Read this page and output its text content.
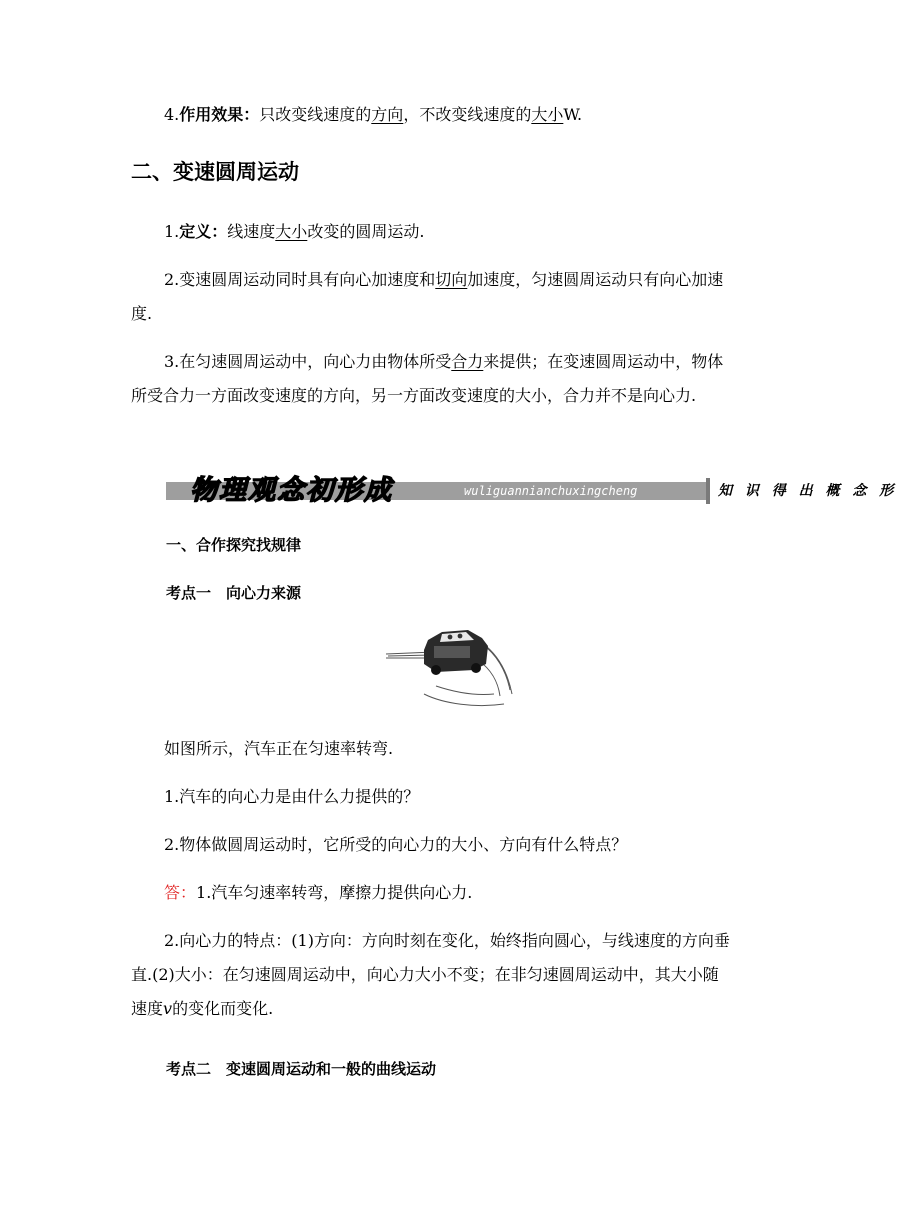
4.作用效果：只改变线速度的方向，不改变线速度的大小W.

二、变速圆周运动

1.定义：线速度大小改变的圆周运动.

2.变速圆周运动同时具有向心加速度和切向加速度，匀速圆周运动只有向心加速度.

3.在匀速圆周运动中，向心力由物体所受合力来提供；在变速圆周运动中，物体所受合力一方面改变速度的方向，另一方面改变速度的大小，合力并不是向心力.

物理观念初形成	wuliguannianchuxingcheng	知 识 得 出 概 念 形

一、合作探究找规律

考点一　向心力来源

如图所示，汽车正在匀速率转弯.

1.汽车的向心力是由什么力提供的？

2.物体做圆周运动时，它所受的向心力的大小、方向有什么特点？

答：1.汽车匀速率转弯，摩擦力提供向心力.

2.向心力的特点：(1)方向：方向时刻在变化，始终指向圆心，与线速度的方向垂直.(2)大小：在匀速圆周运动中，向心力大小不变；在非匀速圆周运动中，其大小随速度v的变化而变化.

考点二　变速圆周运动和一般的曲线运动
